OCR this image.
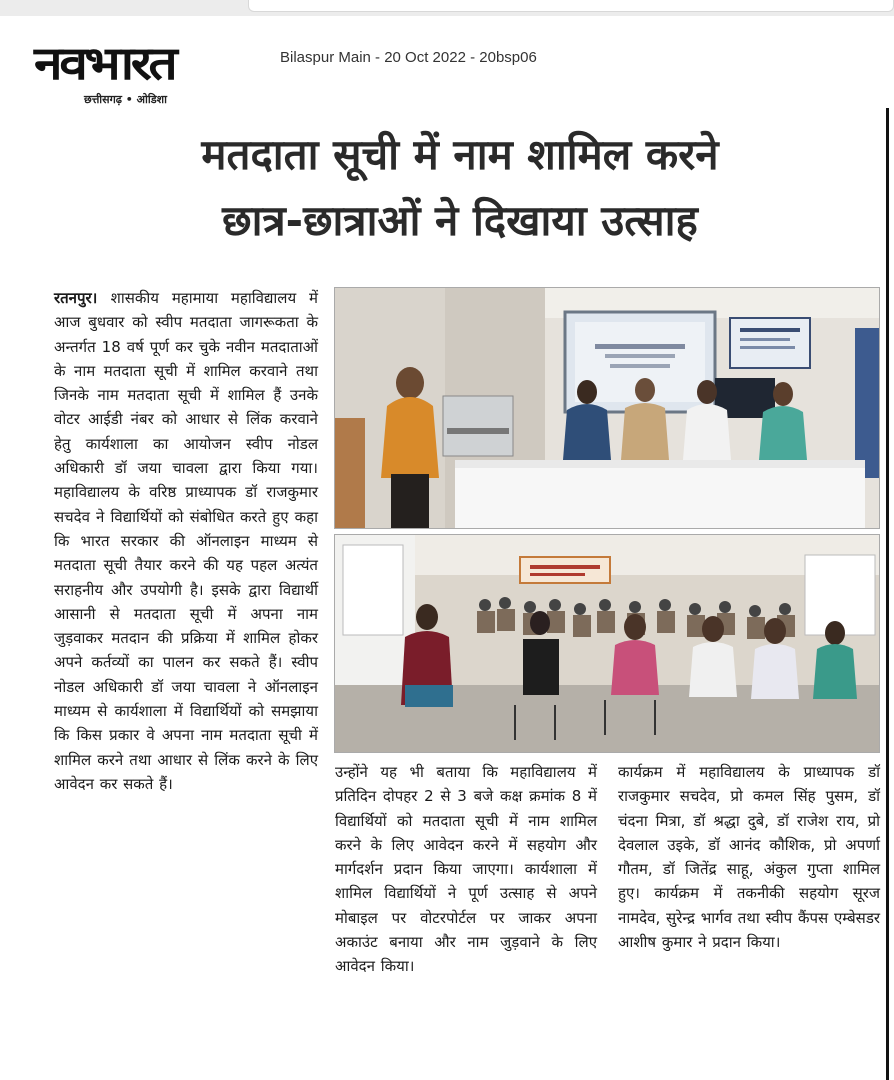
नवभारत
छत्तीसगढ़ • ओडिशा
Bilaspur Main - 20 Oct 2022 - 20bsp06
मतदाता सूची में नाम शामिल करने
छात्र-छात्राओं ने दिखाया उत्साह
रतनपुर। शासकीय महामाया महाविद्यालय में आज बुधवार को स्वीप मतदाता जागरूकता के अन्तर्गत 18 वर्ष पूर्ण कर चुके नवीन मतदाताओं के नाम मतदाता सूची में शामिल करवाने तथा जिनके नाम मतदाता सूची में शामिल हैं उनके वोटर आईडी नंबर को आधार से लिंक करवाने हेतु कार्यशाला का आयोजन स्वीप नोडल अधिकारी डॉ जया चावला द्वारा किया गया। महाविद्यालय के वरिष्ठ प्राध्यापक डॉ राजकुमार सचदेव ने विद्यार्थियों को संबोधित करते हुए कहा कि भारत सरकार की ऑनलाइन माध्यम से मतदाता सूची तैयार करने की यह पहल अत्यंत सराहनीय और उपयोगी है। इसके द्वारा विद्यार्थी आसानी से मतदाता सूची में अपना नाम जुड़वाकर मतदान की प्रक्रिया में शामिल होकर अपने कर्तव्यों का पालन कर सकते हैं। स्वीप नोडल अधिकारी डॉ जया चावला ने ऑनलाइन माध्यम से कार्यशाला में विद्यार्थियों को समझाया कि किस प्रकार वे अपना नाम मतदाता सूची में शामिल करने तथा आधार से लिंक करने के लिए आवेदन कर सकते हैं।
उन्होंने यह भी बताया कि महाविद्यालय में प्रतिदिन दोपहर 2 से 3 बजे कक्ष क्रमांक 8 में विद्यार्थियों को मतदाता सूची में नाम शामिल करने के लिए आवेदन करने में सहयोग और मार्गदर्शन प्रदान किया जाएगा। कार्यशाला में शामिल विद्यार्थियों ने पूर्ण उत्साह से अपने मोबाइल पर वोटरपोर्टल पर जाकर अपना अकाउंट बनाया और नाम जुड़वाने के लिए आवेदन किया।
कार्यक्रम में महाविद्यालय के प्राध्यापक डॉ राजकुमार सचदेव, प्रो कमल सिंह पुसम, डॉ चंदना मित्रा, डॉ श्रद्धा दुबे, डॉ राजेश राय, प्रो देवलाल उइके, डॉ आनंद कौशिक, प्रो अपर्णा गौतम, डॉ जितेंद्र साहू, अंकुल गुप्ता शामिल हुए। कार्यक्रम में तकनीकी सहयोग सूरज नामदेव, सुरेन्द्र भार्गव तथा स्वीप कैंपस एम्बेसडर आशीष कुमार ने प्रदान किया।
